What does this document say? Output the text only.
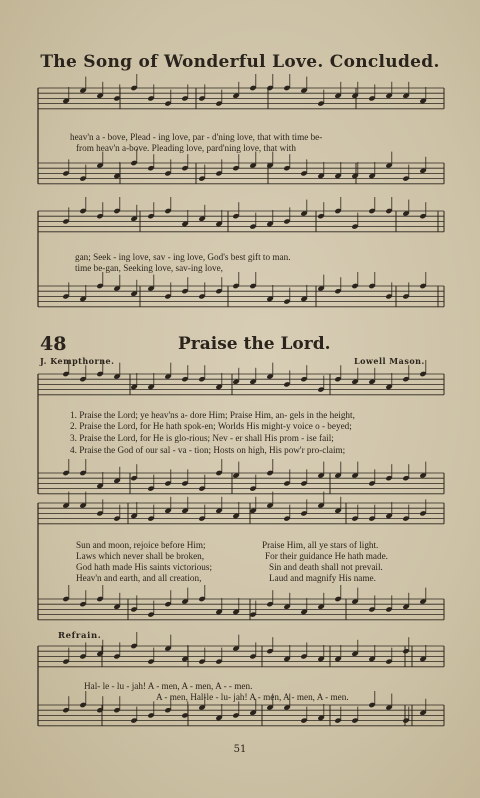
The Song of Wonderful Love. Concluded.
heav'n a - bove, Plead - ing love, par - d'ning love, that with time be-
from heav'n a-bove. Pleading love, pard'ning love, that with
gan; Seek - ing love, sav - ing love, God's best gift to man.
time be-gan, Seeking love, sav-ing love,
48	Praise the Lord.
J. Kempthorne.	Lowell Mason.
1. Praise the Lord; ye heav'ns a- dore Him; Praise Him, an- gels in the height,
2. Praise the Lord, for He hath spok-en; Worlds His might-y voice o - beyed;
3. Praise the Lord, for He is glo-rious; Nev - er shall His prom - ise fail;
4. Praise the God of our sal - va - tion; Hosts on high, His pow'r pro-claim;
Sun and moon, rejoice before Him;
Laws which never shall be broken,
God hath made His saints victorious;
Heav'n and earth, and all creation,
Praise Him, all ye stars of light.
For their guidance He hath made.
Sin and death shall not prevail.
Laud and magnify His name.
Refrain.
Hal- le - lu - jah! A - men, A - men, A - - men.
A - men, Hal-le - lu- jah! A - men, A - men, A - men.
51
